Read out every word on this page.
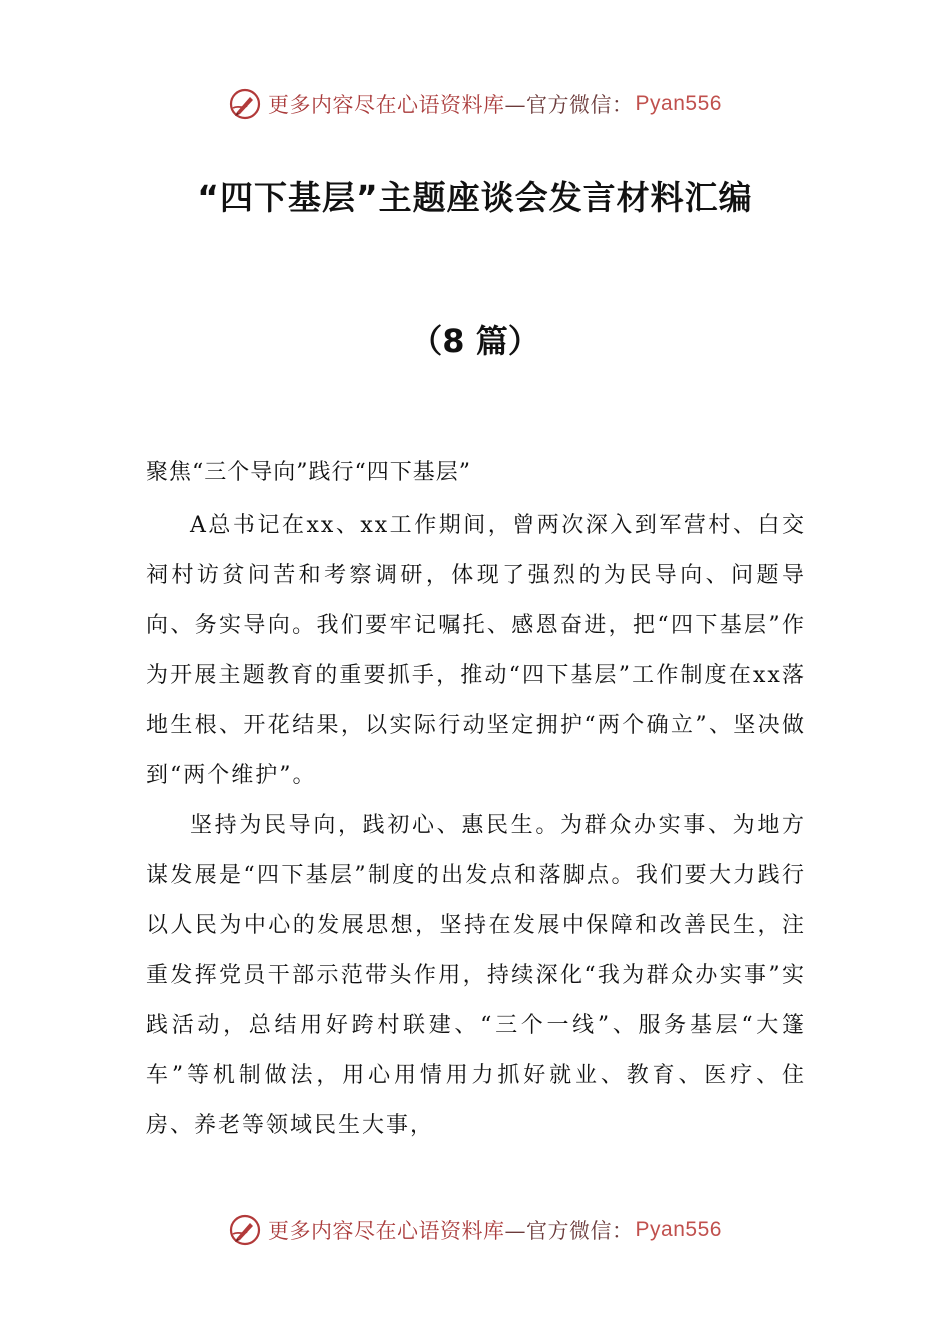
更多内容尽在心语资料库 —官方微信： Pyan556
“四下基层”主题座谈会发言材料汇编
（8 篇）

聚焦“三个导向”践行“四下基层”

A总书记在xx、xx工作期间，曾两次深入到军营村、白交祠村访贫问苦和考察调研，体现了强烈的为民导向、问题导向、务实导向。我们要牢记嘱托、感恩奋进，把“四下基层”作为开展主题教育的重要抓手，推动“四下基层”工作制度在xx落地生根、开花结果，以实际行动坚定拥护“两个确立”、坚决做到“两个维护”。

坚持为民导向，践初心、惠民生。为群众办实事、为地方谋发展是“四下基层”制度的出发点和落脚点。我们要大力践行以人民为中心的发展思想，坚持在发展中保障和改善民生，注重发挥党员干部示范带头作用，持续深化“我为群众办实事”实践活动，总结用好跨村联建、“三个一线”、服务基层“大篷车”等机制做法，用心用情用力抓好就业、教育、医疗、住房、养老等领域民生大事，

更多内容尽在心语资料库 —官方微信： Pyan556
